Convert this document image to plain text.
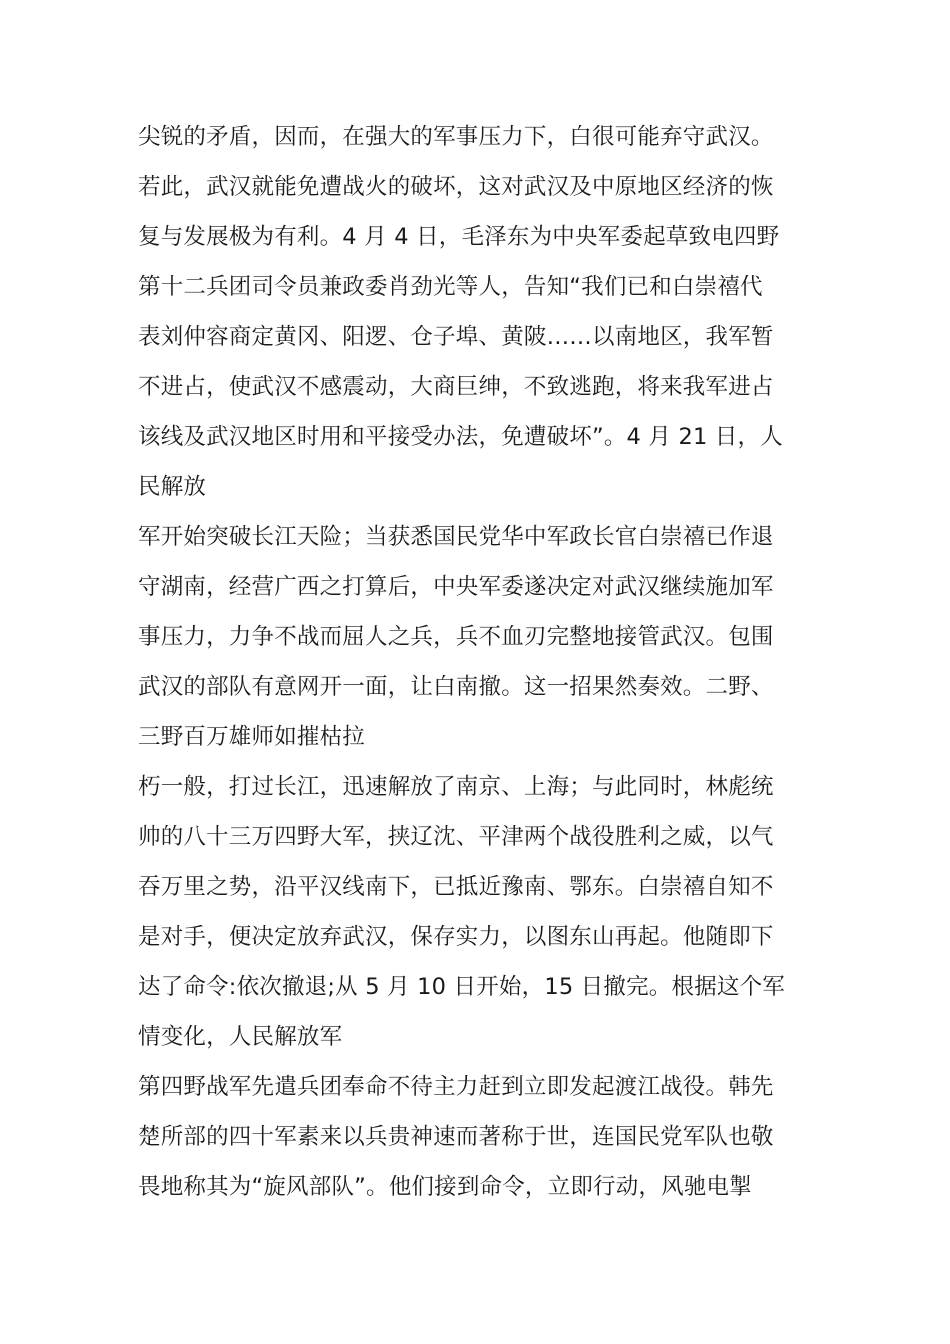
尖锐的矛盾，因而，在强大的军事压力下，白很可能弃守武汉。
若此，武汉就能免遭战火的破坏，这对武汉及中原地区经济的恢
复与发展极为有利。4 月 4 日，毛泽东为中央军委起草致电四野
第十二兵团司令员兼政委肖劲光等人，告知“我们已和白崇禧代
表刘仲容商定黄冈、阳逻、仓子埠、黄陂……以南地区，我军暂
不进占，使武汉不感震动，大商巨绅，不致逃跑，将来我军进占
该线及武汉地区时用和平接受办法，免遭破坏”。4 月 21 日，人
民解放
军开始突破长江天险；当获悉国民党华中军政长官白崇禧已作退
守湖南，经营广西之打算后，中央军委遂决定对武汉继续施加军
事压力，力争不战而屈人之兵，兵不血刃完整地接管武汉。包围
武汉的部队有意网开一面，让白南撤。这一招果然奏效。二野、
三野百万雄师如摧枯拉
朽一般，打过长江，迅速解放了南京、上海；与此同时，林彪统
帅的八十三万四野大军，挟辽沈、平津两个战役胜利之威，以气
吞万里之势，沿平汉线南下，已抵近豫南、鄂东。白崇禧自知不
是对手，便决定放弃武汉，保存实力，以图东山再起。他随即下
达了命令:依次撤退;从 5 月 10 日开始，15 日撤完。根据这个军
情变化，人民解放军
第四野战军先遣兵团奉命不待主力赶到立即发起渡江战役。韩先
楚所部的四十军素来以兵贵神速而著称于世，连国民党军队也敬
畏地称其为“旋风部队”。他们接到命令，立即行动，风驰电掣
